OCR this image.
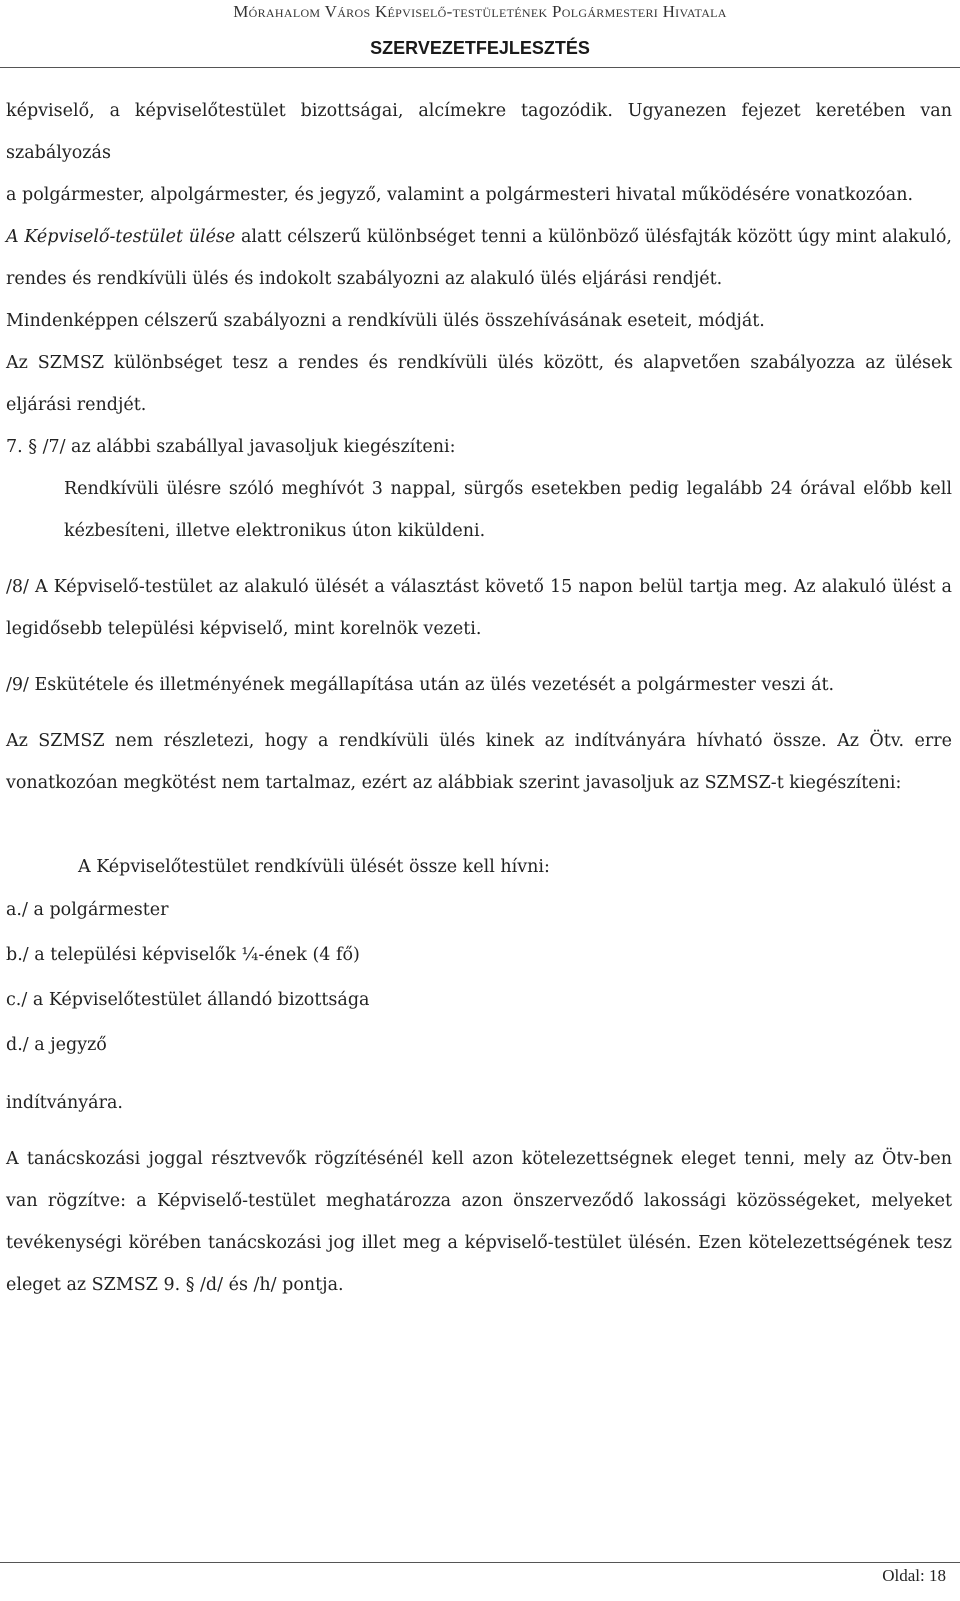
Mórahalom Város Képviselő-testületének Polgármesteri Hivatala
SZERVEZETFEJLESZTÉS

képviselő, a képviselőtestület bizottságai, alcímekre tagozódik. Ugyanezen fejezet keretében van szabályozás

a polgármester, alpolgármester, és jegyző, valamint a polgármesteri hivatal működésére vonatkozóan.

A Képviselő-testület ülése alatt célszerű különbséget tenni a különböző ülésfajták között úgy mint alakuló, rendes és rendkívüli ülés és indokolt szabályozni az alakuló ülés eljárási rendjét.

Mindenképpen célszerű szabályozni a rendkívüli ülés összehívásának eseteit, módját.

Az SZMSZ különbséget tesz a rendes és rendkívüli ülés között, és alapvetően szabályozza az ülések eljárási rendjét.

7. § /7/ az alábbi szabállyal javasoljuk kiegészíteni:

Rendkívüli ülésre szóló meghívót 3 nappal, sürgős esetekben pedig legalább 24 órával előbb kell kézbesíteni, illetve elektronikus úton kiküldeni.

/8/ A Képviselő-testület az alakuló ülését a választást követő 15 napon belül tartja meg. Az alakuló ülést a legidősebb települési képviselő, mint korelnök vezeti.

/9/ Eskütétele és illetményének megállapítása után az ülés vezetését a polgármester veszi át.

Az SZMSZ nem részletezi, hogy a rendkívüli ülés kinek az indítványára hívható össze. Az Ötv. erre vonatkozóan megkötést nem tartalmaz, ezért az alábbiak szerint javasoljuk az SZMSZ-t kiegészíteni:

A Képviselőtestület rendkívüli ülését össze kell hívni:

a./ a polgármester

b./ a települési képviselők ¼-ének (4 fő)

c./ a Képviselőtestület állandó bizottsága

d./ a jegyző

indítványára.

A tanácskozási joggal résztvevők rögzítésénél kell azon kötelezettségnek eleget tenni, mely az Ötv-ben van rögzítve: a Képviselő-testület meghatározza azon önszerveződő lakossági közösségeket, melyeket tevékenységi körében tanácskozási jog illet meg a képviselő-testület ülésén. Ezen kötelezettségének tesz eleget az SZMSZ 9. § /d/ és /h/ pontja.

Oldal: 18
